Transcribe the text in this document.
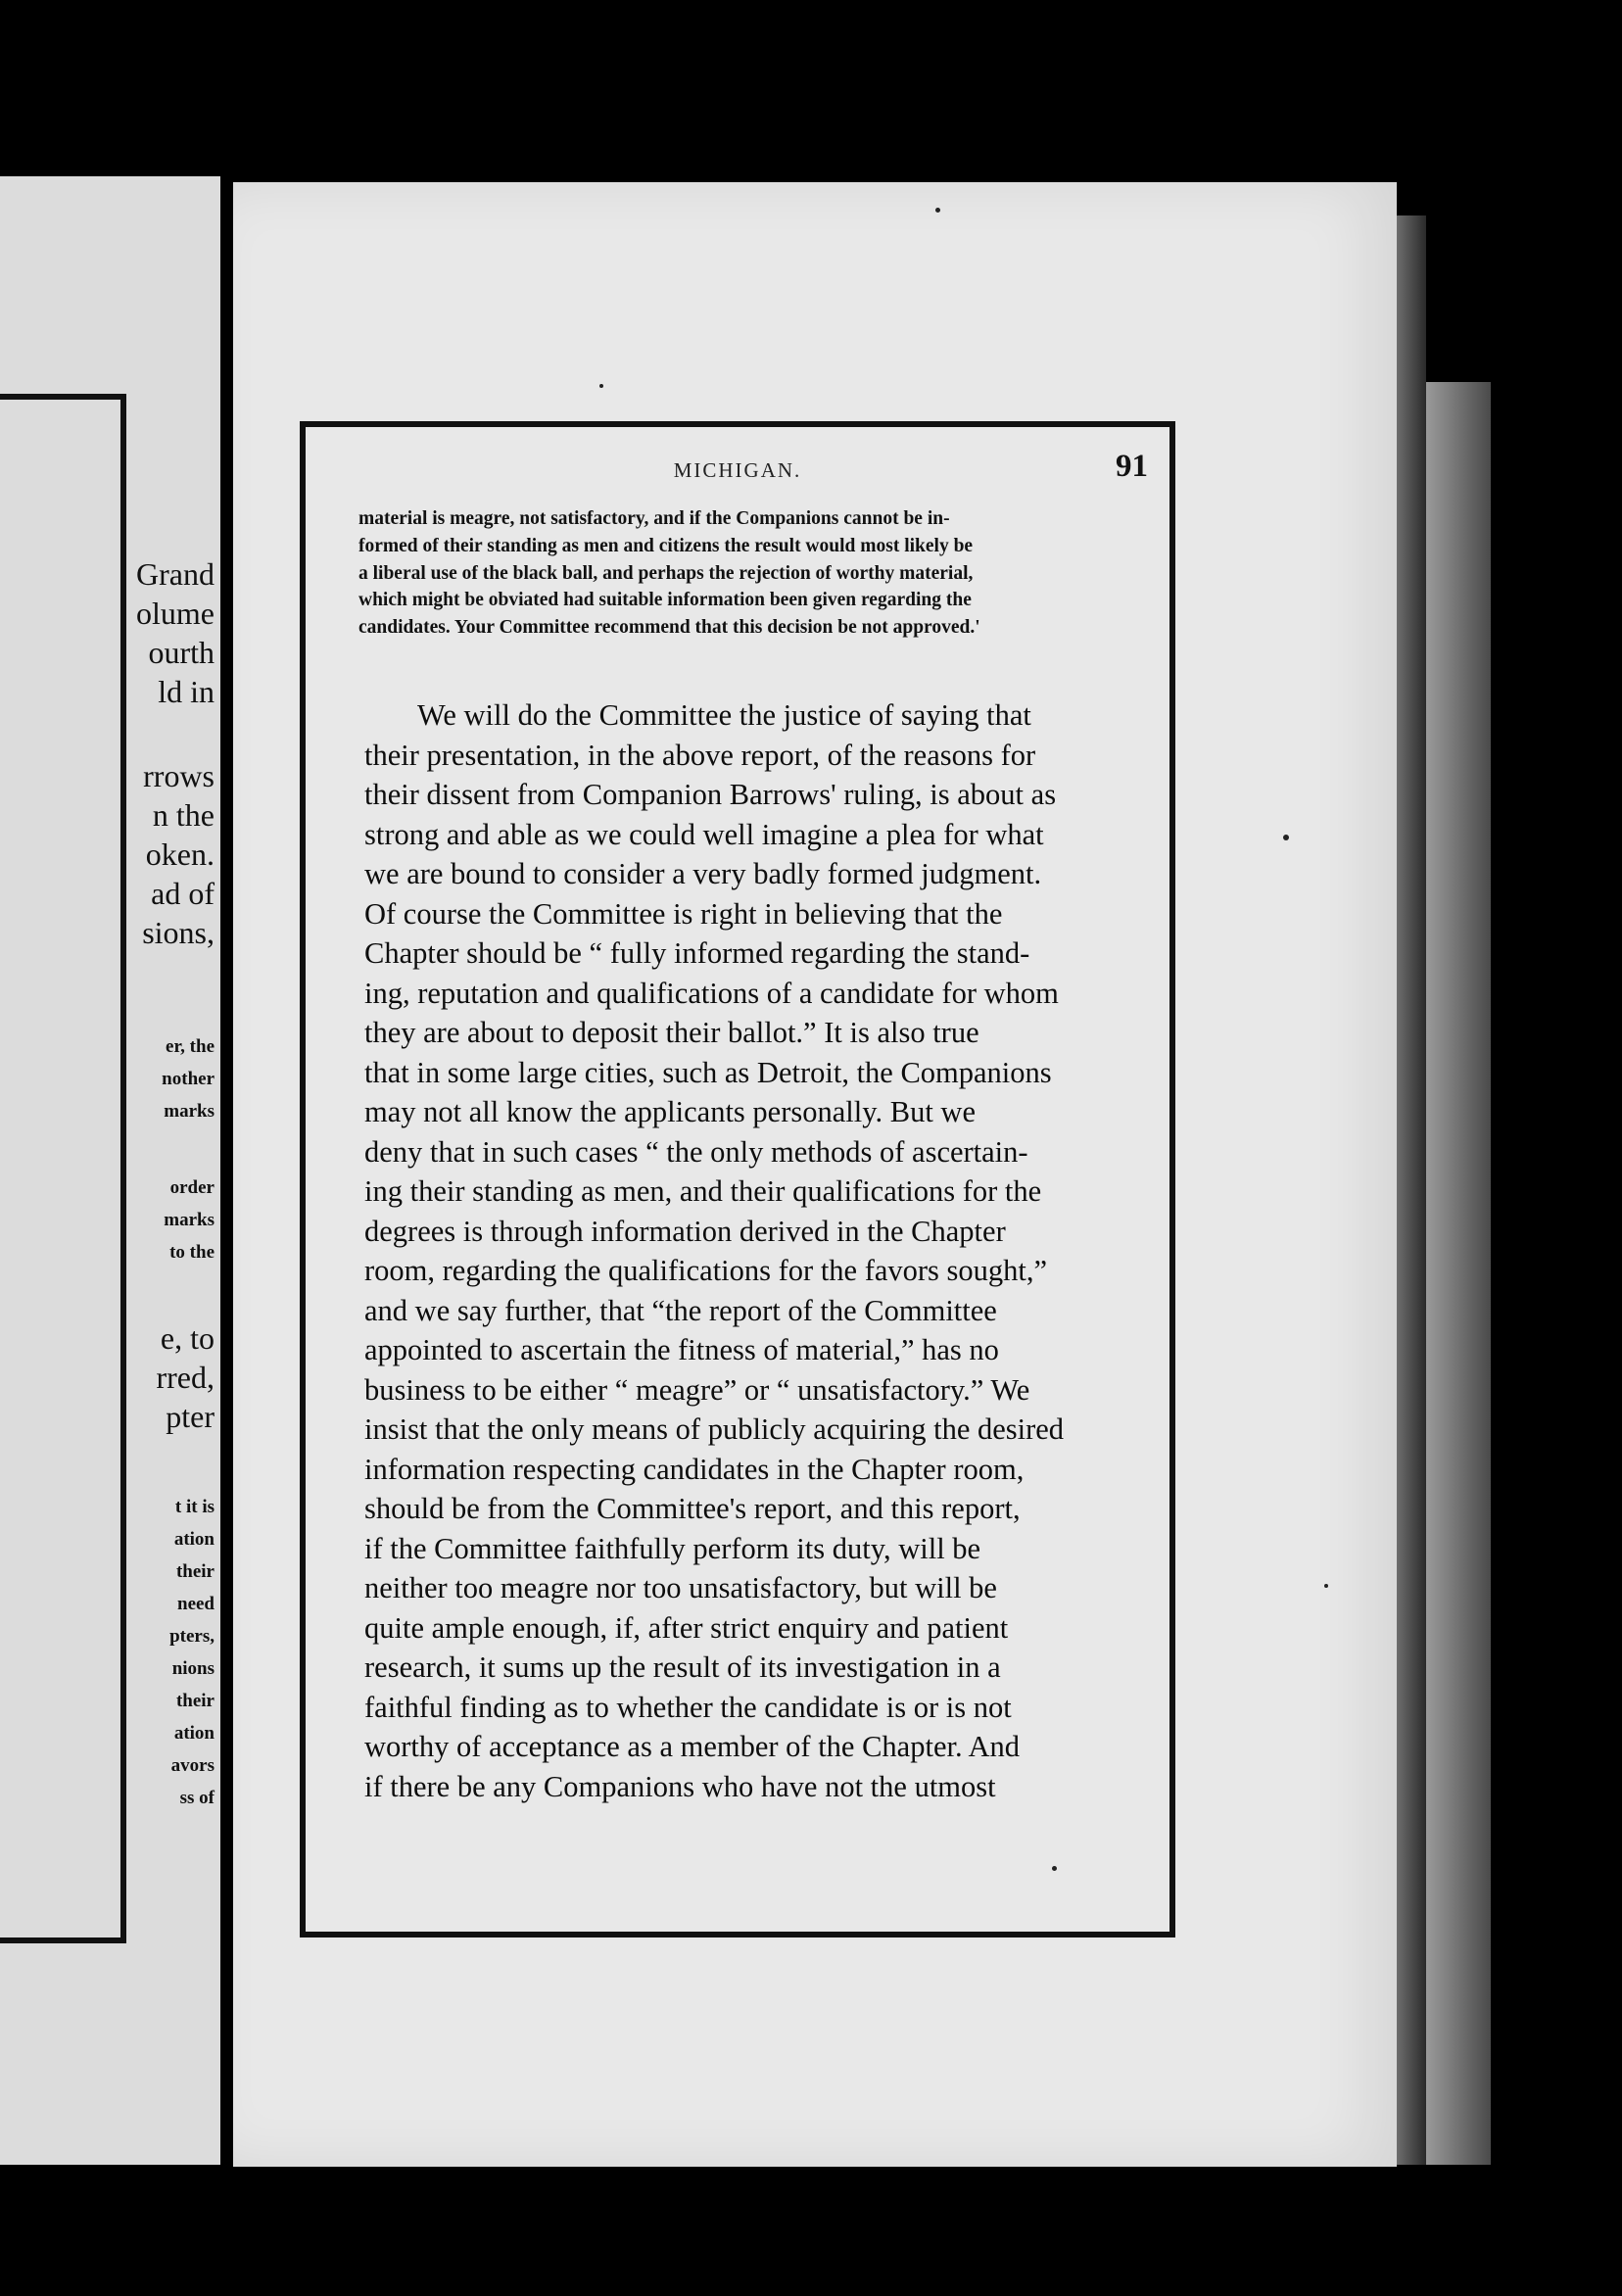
Grand
olume
ourth
ld in
rrows
n the
oken.
ad of
sions,
er, the
nother
marks
order
marks
to the
e, to
rred,
pter
t it is
ation
their
need
pters,
nions
their
ation
avors
ss of
MICHIGAN.	91
material is meagre, not satisfactory, and if the Companions cannot be in-
formed of their standing as men and citizens the result would most likely be
a liberal use of the black ball, and perhaps the rejection of worthy material,
which might be obviated had suitable information been given regarding the
candidates. Your Committee recommend that this decision be not approved.'
We will do the Committee the justice of saying that
their presentation, in the above report, of the reasons for
their dissent from Companion Barrows' ruling, is about as
strong and able as we could well imagine a plea for what
we are bound to consider a very badly formed judgment.
Of course the Committee is right in believing that the
Chapter should be “ fully informed regarding the stand-
ing, reputation and qualifications of a candidate for whom
they are about to deposit their ballot.” It is also true
that in some large cities, such as Detroit, the Companions
may not all know the applicants personally. But we
deny that in such cases “ the only methods of ascertain-
ing their standing as men, and their qualifications for the
degrees is through information derived in the Chapter
room, regarding the qualifications for the favors sought,”
and we say further, that “the report of the Committee
appointed to ascertain the fitness of material,” has no
business to be either “ meagre” or “ unsatisfactory.” We
insist that the only means of publicly acquiring the desired
information respecting candidates in the Chapter room,
should be from the Committee's report, and this report,
if the Committee faithfully perform its duty, will be
neither too meagre nor too unsatisfactory, but will be
quite ample enough, if, after strict enquiry and patient
research, it sums up the result of its investigation in a
faithful finding as to whether the candidate is or is not
worthy of acceptance as a member of the Chapter. And
if there be any Companions who have not the utmost
